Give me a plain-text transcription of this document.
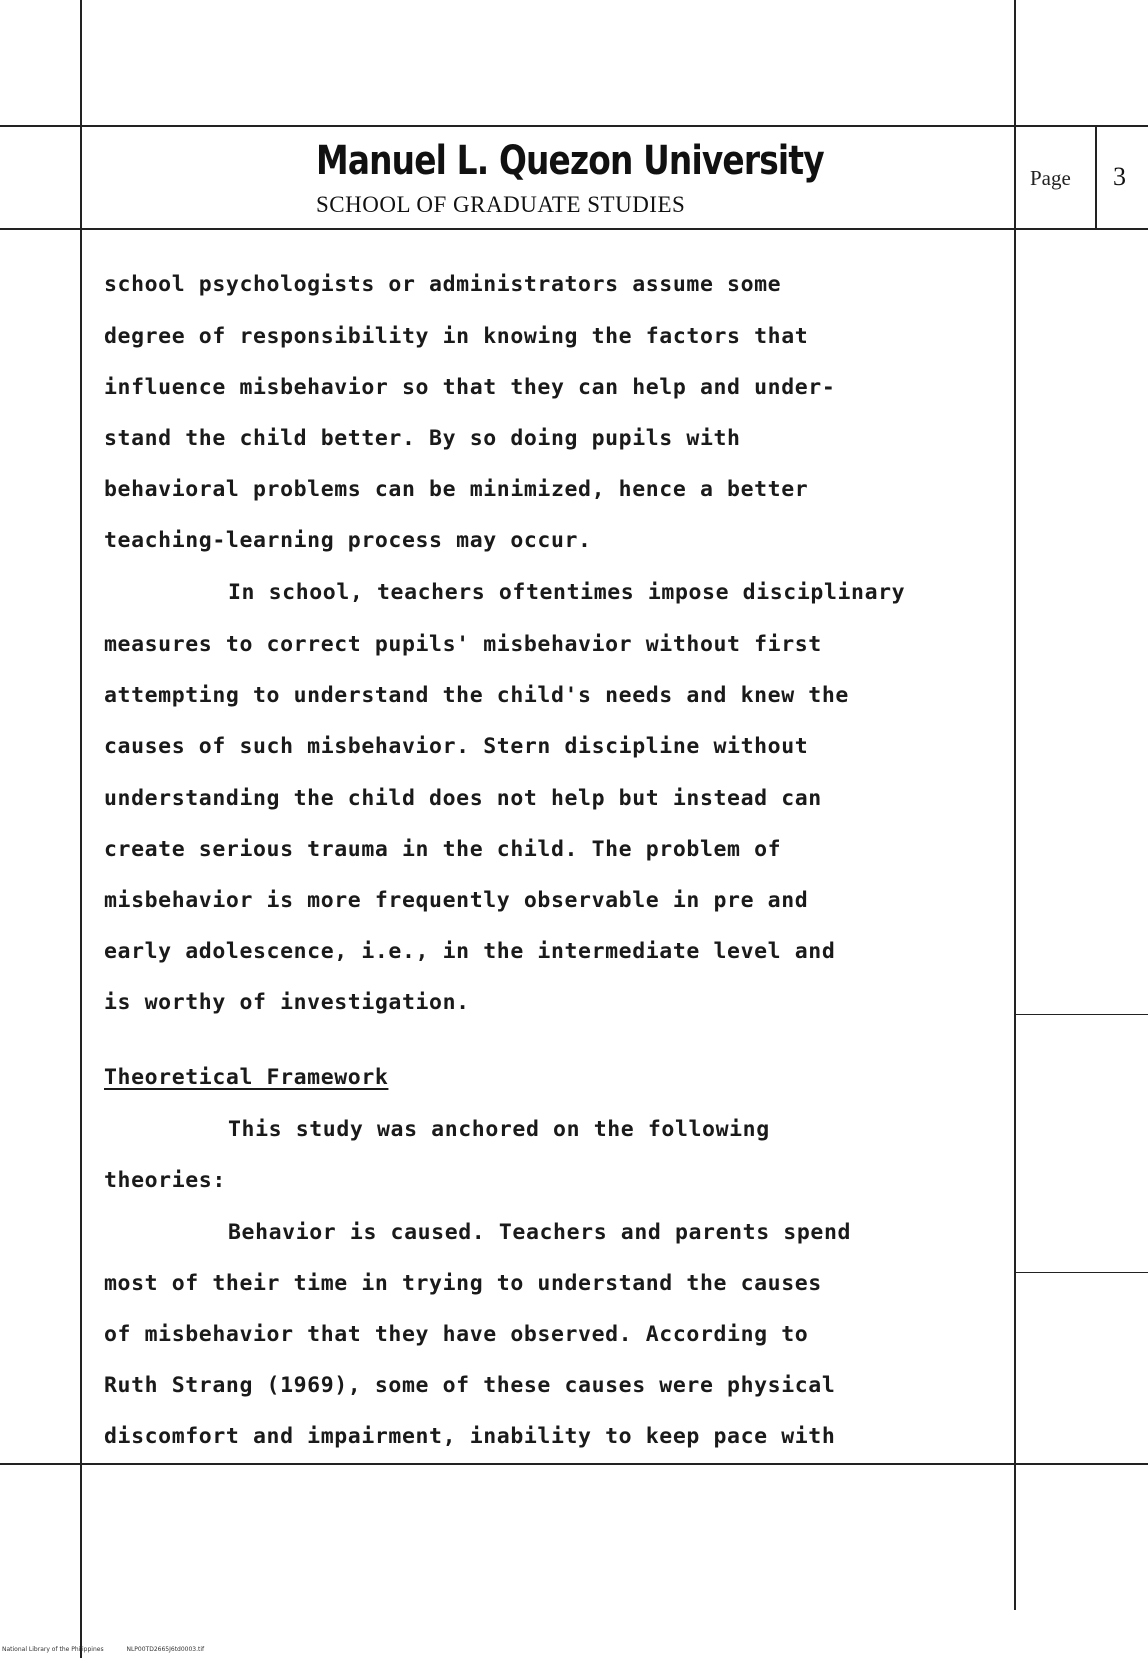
Manuel L. Quezon University
SCHOOL OF GRADUATE STUDIES
Page 3
school psychologists or administrators assume some
degree of responsibility in knowing the factors that
influence misbehavior so that they can help and under-
stand the child better. By so doing pupils with
behavioral problems can be minimized, hence a better
teaching-learning process may occur.
In school, teachers oftentimes impose disciplinary
measures to correct pupils' misbehavior without first
attempting to understand the child's needs and knew the
causes of such misbehavior. Stern discipline without
understanding the child does not help but instead can
create serious trauma in the child. The problem of
misbehavior is more frequently observable in pre and
early adolescence, i.e., in the intermediate level and
is worthy of investigation.
Theoretical Framework
This study was anchored on the following
theories:
Behavior is caused. Teachers and parents spend
most of their time in trying to understand the causes
of misbehavior that they have observed. According to
Ruth Strang (1969), some of these causes were physical
discomfort and impairment, inability to keep pace with
National Library of the Philippines	NLP00TD2665J6td0003.tif
